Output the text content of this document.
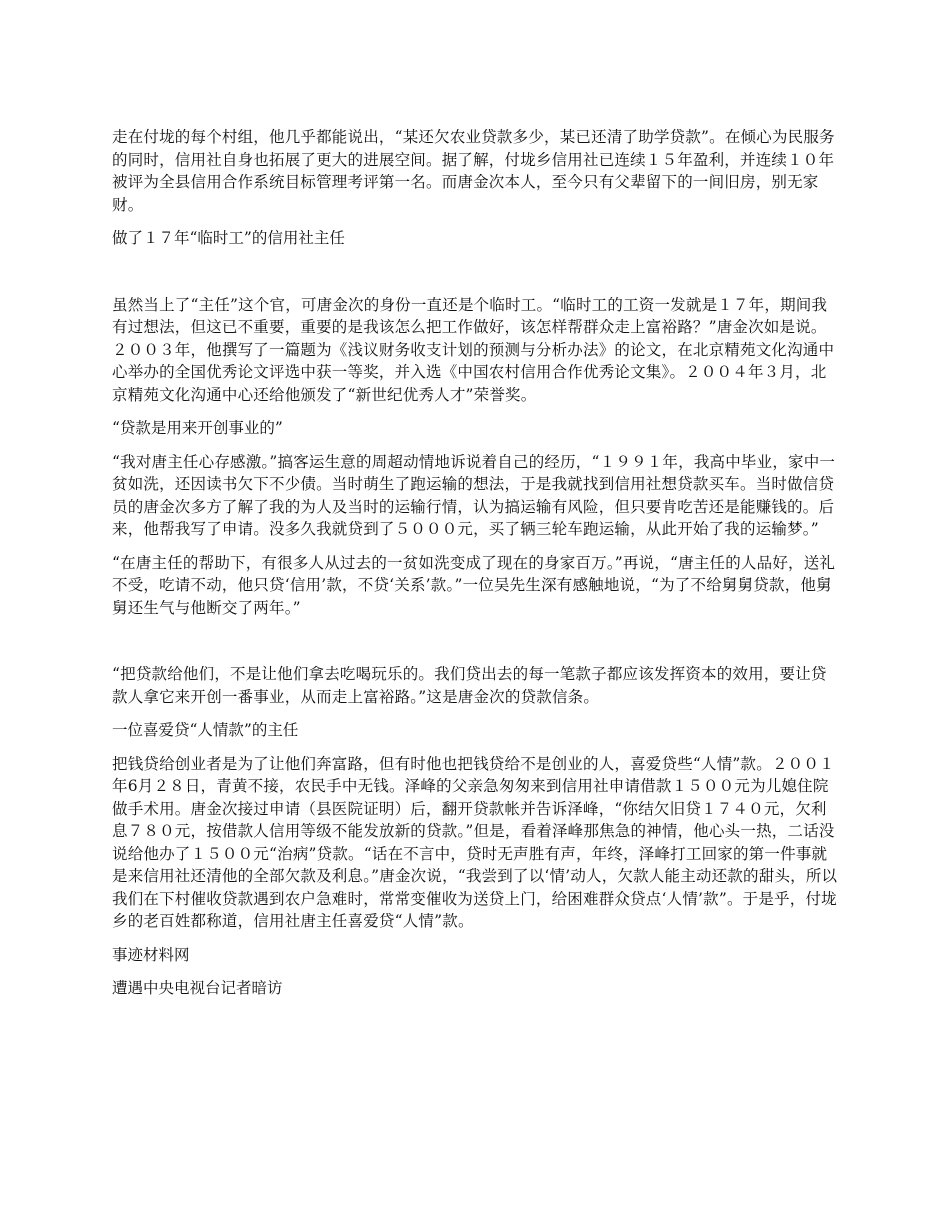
走在付垅的每个村组，他几乎都能说出，“某还欠农业贷款多少，某已还清了助学贷款”。在倾心为民服务的同时，信用社自身也拓展了更大的进展空间。据了解，付垅乡信用社已连续１５年盈利，并连续１０年被评为全县信用合作系统目标管理考评第一名。而唐金次本人，至今只有父辈留下的一间旧房，别无家财。

做了１７年“临时工”的信用社主任

虽然当上了“主任”这个官，可唐金次的身份一直还是个临时工。“临时工的工资一发就是１７年，期间我有过想法，但这已不重要，重要的是我该怎么把工作做好，该怎样帮群众走上富裕路？”唐金次如是说。２００３年，他撰写了一篇题为《浅议财务收支计划的预测与分析办法》的论文，在北京精苑文化沟通中心举办的全国优秀论文评选中获一等奖，并入选《中国农村信用合作优秀论文集》。２００４年３月，北京精苑文化沟通中心还给他颁发了“新世纪优秀人才”荣誉奖。

“贷款是用来开创事业的”

“我对唐主任心存感激。”搞客运生意的周超动情地诉说着自己的经历，“１９９１年，我高中毕业，家中一贫如洗，还因读书欠下不少债。当时萌生了跑运输的想法，于是我就找到信用社想贷款买车。当时做信贷员的唐金次多方了解了我的为人及当时的运输行情，认为搞运输有风险，但只要肯吃苦还是能赚钱的。后来，他帮我写了申请。没多久我就贷到了５０００元，买了辆三轮车跑运输，从此开始了我的运输梦。”

“在唐主任的帮助下，有很多人从过去的一贫如洗变成了现在的身家百万。”再说，“唐主任的人品好，送礼不受，吃请不动，他只贷‘信用’款，不贷‘关系’款。”一位吴先生深有感触地说，“为了不给舅舅贷款，他舅舅还生气与他断交了两年。”

“把贷款给他们，不是让他们拿去吃喝玩乐的。我们贷出去的每一笔款子都应该发挥资本的效用，要让贷款人拿它来开创一番事业，从而走上富裕路。”这是唐金次的贷款信条。

一位喜爱贷“人情款”的主任

把钱贷给创业者是为了让他们奔富路，但有时他也把钱贷给不是创业的人，喜爱贷些“人情”款。２００１年6月２８日，青黄不接，农民手中无钱。泽峰的父亲急匆匆来到信用社申请借款１５００元为儿媳住院做手术用。唐金次接过申请（县医院证明）后，翻开贷款帐并告诉泽峰，“你结欠旧贷１７４０元，欠利息７８０元，按借款人信用等级不能发放新的贷款。”但是，看着泽峰那焦急的神情，他心头一热，二话没说给他办了１５００元“治病”贷款。“话在不言中，贷时无声胜有声，年终，泽峰打工回家的第一件事就是来信用社还清他的全部欠款及利息。”唐金次说，“我尝到了以‘情’动人，欠款人能主动还款的甜头，所以我们在下村催收贷款遇到农户急难时，常常变催收为送贷上门，给困难群众贷点‘人情’款”。于是乎，付垅乡的老百姓都称道，信用社唐主任喜爱贷“人情”款。

事迹材料网

遭遇中央电视台记者暗访
